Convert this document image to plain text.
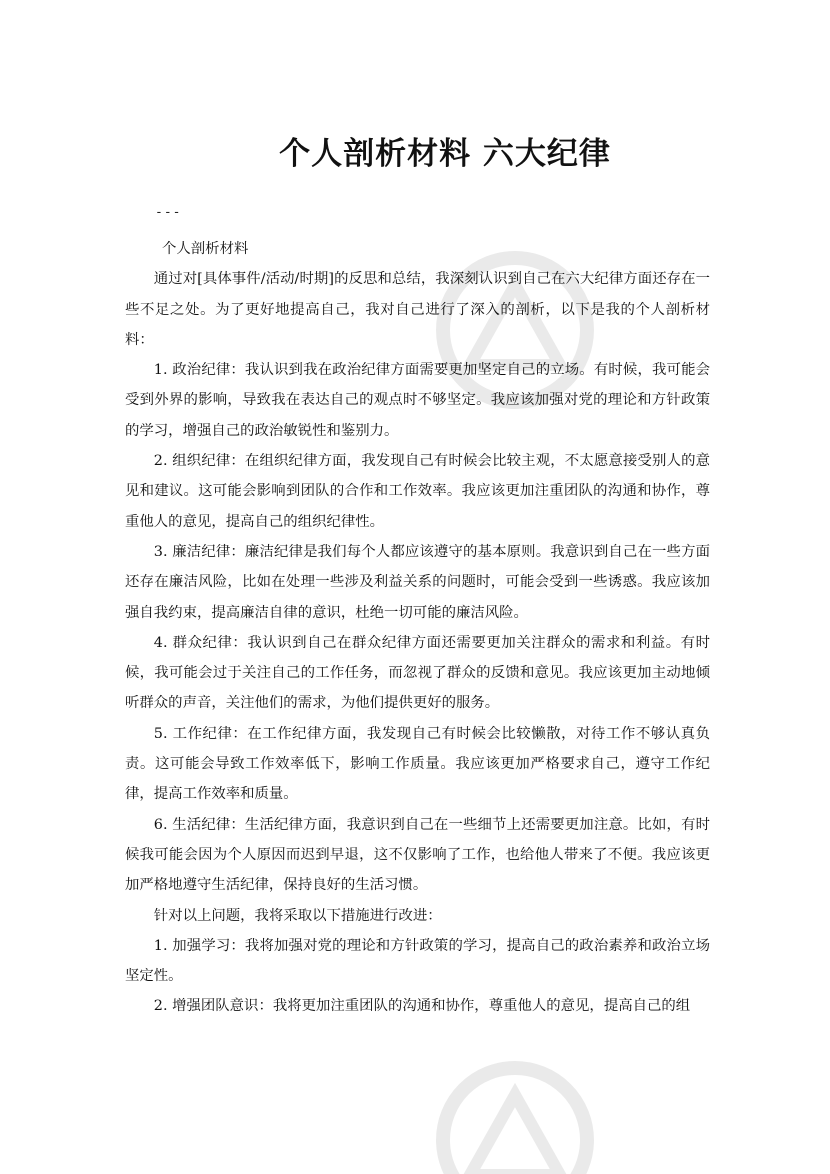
个人剖析材料 六大纪律
---

个人剖析材料

通过对[具体事件/活动/时期]的反思和总结，我深刻认识到自己在六大纪律方面还存在一些不足之处。为了更好地提高自己，我对自己进行了深入的剖析，以下是我的个人剖析材料：

1. 政治纪律：我认识到我在政治纪律方面需要更加坚定自己的立场。有时候，我可能会受到外界的影响，导致我在表达自己的观点时不够坚定。我应该加强对党的理论和方针政策的学习，增强自己的政治敏锐性和鉴别力。

2. 组织纪律：在组织纪律方面，我发现自己有时候会比较主观，不太愿意接受别人的意见和建议。这可能会影响到团队的合作和工作效率。我应该更加注重团队的沟通和协作，尊重他人的意见，提高自己的组织纪律性。

3. 廉洁纪律：廉洁纪律是我们每个人都应该遵守的基本原则。我意识到自己在一些方面还存在廉洁风险，比如在处理一些涉及利益关系的问题时，可能会受到一些诱惑。我应该加强自我约束，提高廉洁自律的意识，杜绝一切可能的廉洁风险。

4. 群众纪律：我认识到自己在群众纪律方面还需要更加关注群众的需求和利益。有时候，我可能会过于关注自己的工作任务，而忽视了群众的反馈和意见。我应该更加主动地倾听群众的声音，关注他们的需求，为他们提供更好的服务。

5. 工作纪律：在工作纪律方面，我发现自己有时候会比较懒散，对待工作不够认真负责。这可能会导致工作效率低下，影响工作质量。我应该更加严格要求自己，遵守工作纪律，提高工作效率和质量。

6. 生活纪律：生活纪律方面，我意识到自己在一些细节上还需要更加注意。比如，有时候我可能会因为个人原因而迟到早退，这不仅影响了工作，也给他人带来了不便。我应该更加严格地遵守生活纪律，保持良好的生活习惯。

针对以上问题，我将采取以下措施进行改进：

1. 加强学习：我将加强对党的理论和方针政策的学习，提高自己的政治素养和政治立场坚定性。

2. 增强团队意识：我将更加注重团队的沟通和协作，尊重他人的意见，提高自己的组
